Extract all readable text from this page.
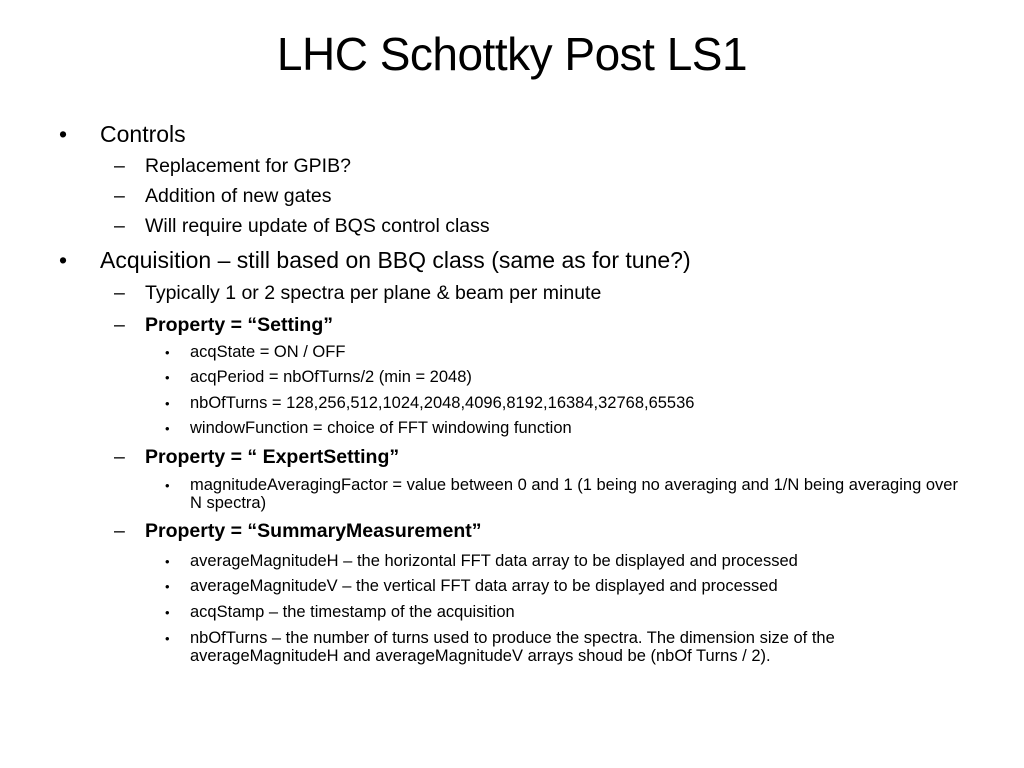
LHC Schottky Post LS1
• Controls
– Replacement for GPIB?
– Addition of new gates
– Will require update of BQS control class
• Acquisition – still based on BBQ class (same as for tune?)
– Typically 1 or 2 spectra per plane & beam per minute
– Property = “Setting”
• acqState = ON / OFF
• acqPeriod = nbOfTurns/2 (min = 2048)
• nbOfTurns = 128,256,512,1024,2048,4096,8192,16384,32768,65536
• windowFunction = choice of FFT windowing function
– Property = “ ExpertSetting”
• magnitudeAveragingFactor = value between 0 and 1 (1 being no averaging and 1/N being averaging over N spectra)
– Property = “SummaryMeasurement”
• averageMagnitudeH – the horizontal FFT data array to be displayed and processed
• averageMagnitudeV – the vertical FFT data array to be displayed and processed
• acqStamp – the timestamp of the acquisition
• nbOfTurns – the number of turns used to produce the spectra. The dimension size of the averageMagnitudeH and averageMagnitudeV arrays shoud be (nbOf Turns / 2).
